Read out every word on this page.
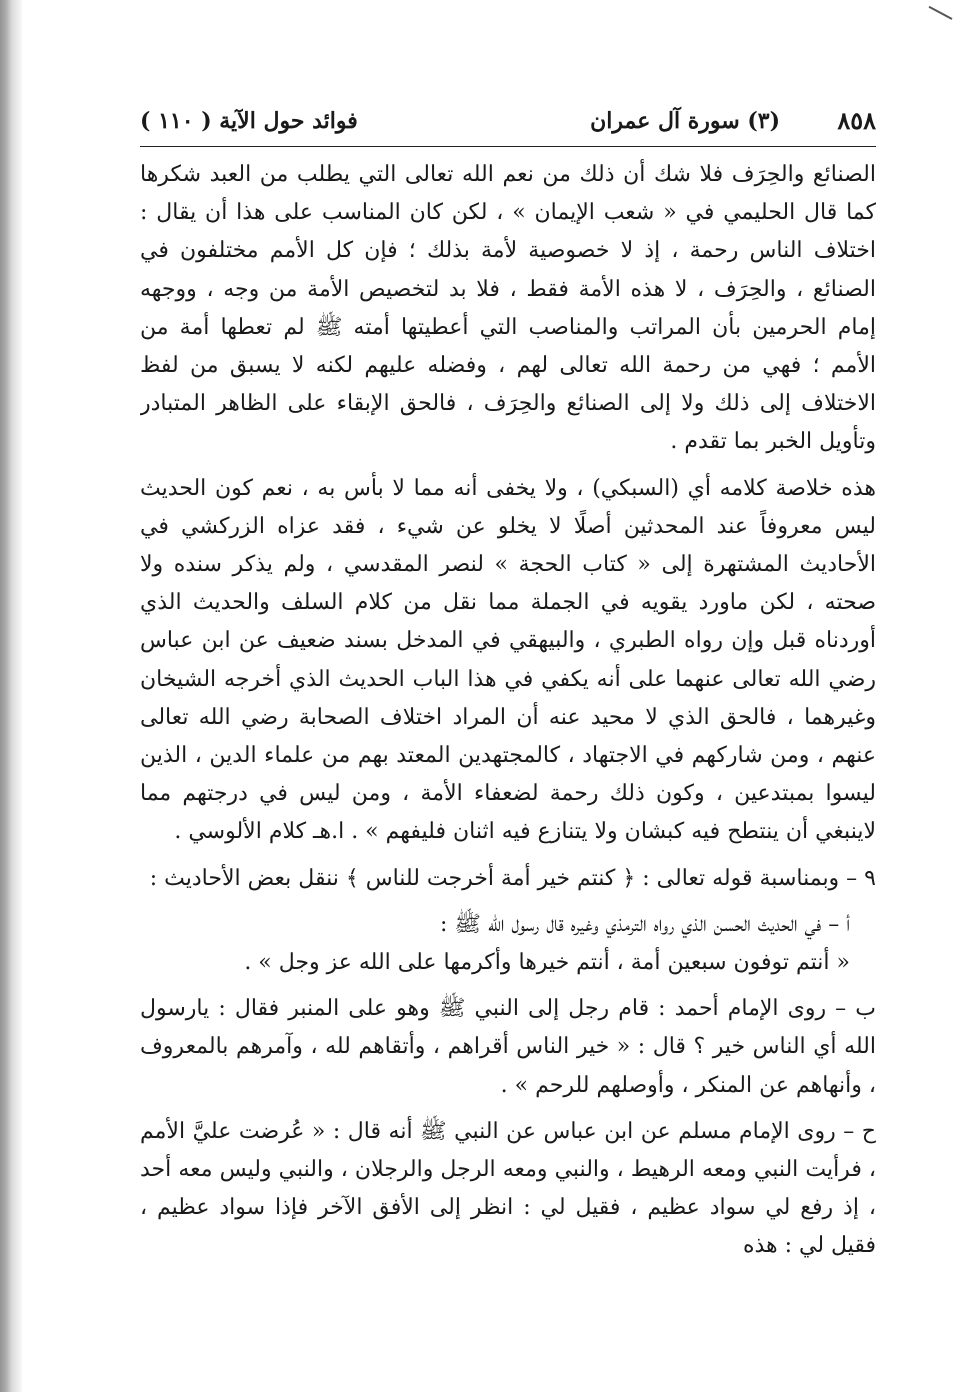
٨٥٨
(٣) سورة آل عمران
فوائد حول الآية ( ١١٠ )

الصنائع والحِرَف فلا شك أن ذلك من نعم الله تعالى التي يطلب من العبد شكرها كما قال الحليمي في « شعب الإيمان » ، لكن كان المناسب على هذا أن يقال : اختلاف الناس رحمة ، إذ لا خصوصية لأمة بذلك ؛ فإن كل الأمم مختلفون في الصنائع ، والحِرَف ، لا هذه الأمة فقط ، فلا بد لتخصيص الأمة من وجه ، ووجهه إمام الحرمين بأن المراتب والمناصب التي أعطيتها أمته ﷺ لم تعطها أمة من الأمم ؛ فهي من رحمة الله تعالى لهم ، وفضله عليهم لكنه لا يسبق من لفظ الاختلاف إلى ذلك ولا إلى الصنائع والحِرَف ، فالحق الإبقاء على الظاهر المتبادر وتأويل الخبر بما تقدم .

هذه خلاصة كلامه أي (السبكي) ، ولا يخفى أنه مما لا بأس به ، نعم كون الحديث ليس معروفاً عند المحدثين أصلًا لا يخلو عن شيء ، فقد عزاه الزركشي في الأحاديث المشتهرة إلى « كتاب الحجة » لنصر المقدسي ، ولم يذكر سنده ولا صحته ، لكن ماورد يقويه في الجملة مما نقل من كلام السلف والحديث الذي أوردناه قبل وإن رواه الطبري ، والبيهقي في المدخل بسند ضعيف عن ابن عباس رضي الله تعالى عنهما على أنه يكفي في هذا الباب الحديث الذي أخرجه الشيخان وغيرهما ، فالحق الذي لا محيد عنه أن المراد اختلاف الصحابة رضي الله تعالى عنهم ، ومن شاركهم في الاجتهاد ، كالمجتهدين المعتد بهم من علماء الدين ، الذين ليسوا بمبتدعين ، وكون ذلك رحمة لضعفاء الأمة ، ومن ليس في درجتهم مما لاينبغي أن ينتطح فيه كبشان ولا يتنازع فيه اثنان فليفهم » . ا.هـ كلام الألوسي .

٩ – وبمناسبة قوله تعالى : ﴿ كنتم خير أمة أخرجت للناس ﴾ ننقل بعض الأحاديث :

أ – في الحديث الحسن الذي رواه الترمذي وغيره قال رسول الله ﷺ :

« أنتم توفون سبعين أمة ، أنتم خيرها وأكرمها على الله عز وجل » .

ب – روى الإمام أحمد : قام رجل إلى النبي ﷺ وهو على المنبر فقال : يارسول الله أي الناس خير ؟ قال : « خير الناس أقراهم ، وأتقاهم لله ، وآمرهم بالمعروف ، وأنهاهم عن المنكر ، وأوصلهم للرحم » .

ح – روى الإمام مسلم عن ابن عباس عن النبي ﷺ أنه قال : « عُرضت عليَّ الأمم ، فرأيت النبي ومعه الرهيط ، والنبي ومعه الرجل والرجلان ، والنبي وليس معه أحد ، إذ رفع لي سواد عظيم ، فقيل لي : انظر إلى الأفق الآخر فإذا سواد عظيم ، فقيل لي : هذه
